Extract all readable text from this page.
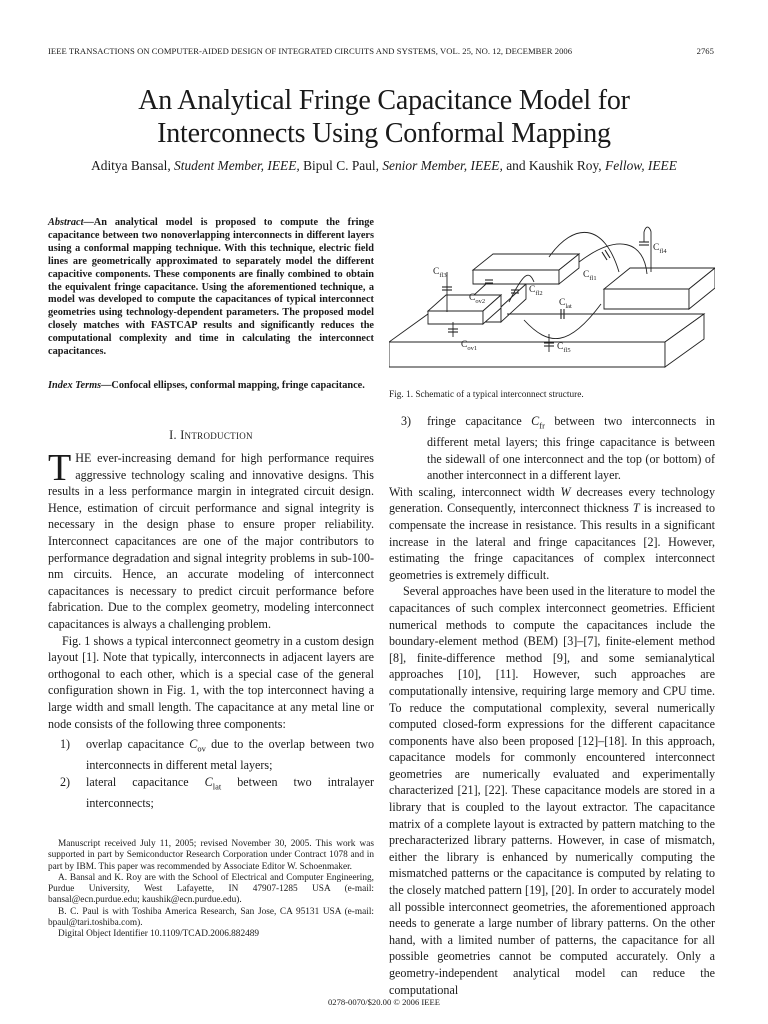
IEEE TRANSACTIONS ON COMPUTER-AIDED DESIGN OF INTEGRATED CIRCUITS AND SYSTEMS, VOL. 25, NO. 12, DECEMBER 2006	2765
An Analytical Fringe Capacitance Model for
Interconnects Using Conformal Mapping
Aditya Bansal, Student Member, IEEE, Bipul C. Paul, Senior Member, IEEE, and Kaushik Roy, Fellow, IEEE
Abstract—An analytical model is proposed to compute the fringe capacitance between two nonoverlapping interconnects in different layers using a conformal mapping technique. With this technique, electric field lines are geometrically approximated to separately model the different capacitive components. These components are finally combined to obtain the equivalent fringe capacitance. Using the aforementioned technique, a model was developed to compute the capacitances of typical interconnect geometries using technology-dependent parameters. The proposed model closely matches with FASTCAP results and significantly reduces the computational complexity and time in calculating the interconnect capacitances.
Index Terms—Confocal ellipses, conformal mapping, fringe capacitance.
I. Introduction

THE ever-increasing demand for high performance requires aggressive technology scaling and innovative designs. This results in a less performance margin in integrated circuit design. Hence, estimation of circuit performance and signal integrity is necessary in the design phase to ensure proper reliability. Interconnect capacitances are one of the major contributors to performance degradation and signal integrity problems in sub-100-nm circuits. Hence, an accurate modeling of interconnect capacitances is necessary to predict circuit performance before fabrication. Due to the complex geometry, modeling interconnect capacitances is always a challenging problem.

Fig. 1 shows a typical interconnect geometry in a custom design layout [1]. Note that typically, interconnects in adjacent layers are orthogonal to each other, which is a special case of the general configuration shown in Fig. 1, with the top interconnect having a large width and small length. The capacitance at any metal line or node consists of the following three components:

1)	overlap capacitance $C_{ov}$ due to the overlap between two interconnects in different metal layers;
2)	lateral capacitance $C_{lat}$ between two intralayer interconnects;

Manuscript received July 11, 2005; revised November 30, 2005. This work was supported in part by Semiconductor Research Corporation under Contract 1078 and in part by IBM. This paper was recommended by Associate Editor W. Schoenmaker.

A. Bansal and K. Roy are with the School of Electrical and Computer Engineering, Purdue University, West Lafayette, IN 47907-1285 USA (e-mail: bansal@ecn.purdue.edu; kaushik@ecn.purdue.edu).

B. C. Paul is with Toshiba America Research, San Jose, CA 95131 USA (e-mail: bpaul@tari.toshiba.com).

Digital Object Identifier 10.1109/TCAD.2006.882489

$C_{fl4}$
$C_{fl3}$	$C_{fl1}$
$C_{fl2}$
$C_{ov2}$	$C_{lat}$
$C_{ov1}$	$C_{fl5}$
Fig. 1. Schematic of a typical interconnect structure.
3)	fringe capacitance $C_{fr}$ between two interconnects in different metal layers; this fringe capacitance is between the sidewall of one interconnect and the top (or bottom) of another interconnect in a different layer.

With scaling, interconnect width W decreases every technology generation. Consequently, interconnect thickness T is increased to compensate the increase in resistance. This results in a significant increase in the lateral and fringe capacitances [2]. However, estimating the fringe capacitances of complex interconnect geometries is extremely difficult.

Several approaches have been used in the literature to model the capacitances of such complex interconnect geometries. Efficient numerical methods to compute the capacitances include the boundary-element method (BEM) [3]–[7], finite-element method [8], finite-difference method [9], and some semianalytical approaches [10], [11]. However, such approaches are computationally intensive, requiring large memory and CPU time. To reduce the computational complexity, several numerically computed closed-form expressions for the different capacitance components have also been proposed [12]–[18]. In this approach, capacitance models for commonly encountered interconnect geometries are numerically evaluated and experimentally characterized [21], [22]. These capacitance models are stored in a library that is coupled to the layout extractor. The capacitance matrix of a complete layout is extracted by pattern matching to the precharacterized library patterns. However, in case of mismatch, either the library is enhanced by numerically computing the mismatched patterns or the capacitance is computed by relating to the closely matched pattern [19], [20]. In order to accurately model all possible interconnect geometries, the aforementioned approach needs to generate a large number of library patterns. On the other hand, with a limited number of patterns, the capacitance for all possible geometries cannot be computed accurately. Only a geometry-independent analytical model can reduce the computational

0278-0070/$20.00 © 2006 IEEE
